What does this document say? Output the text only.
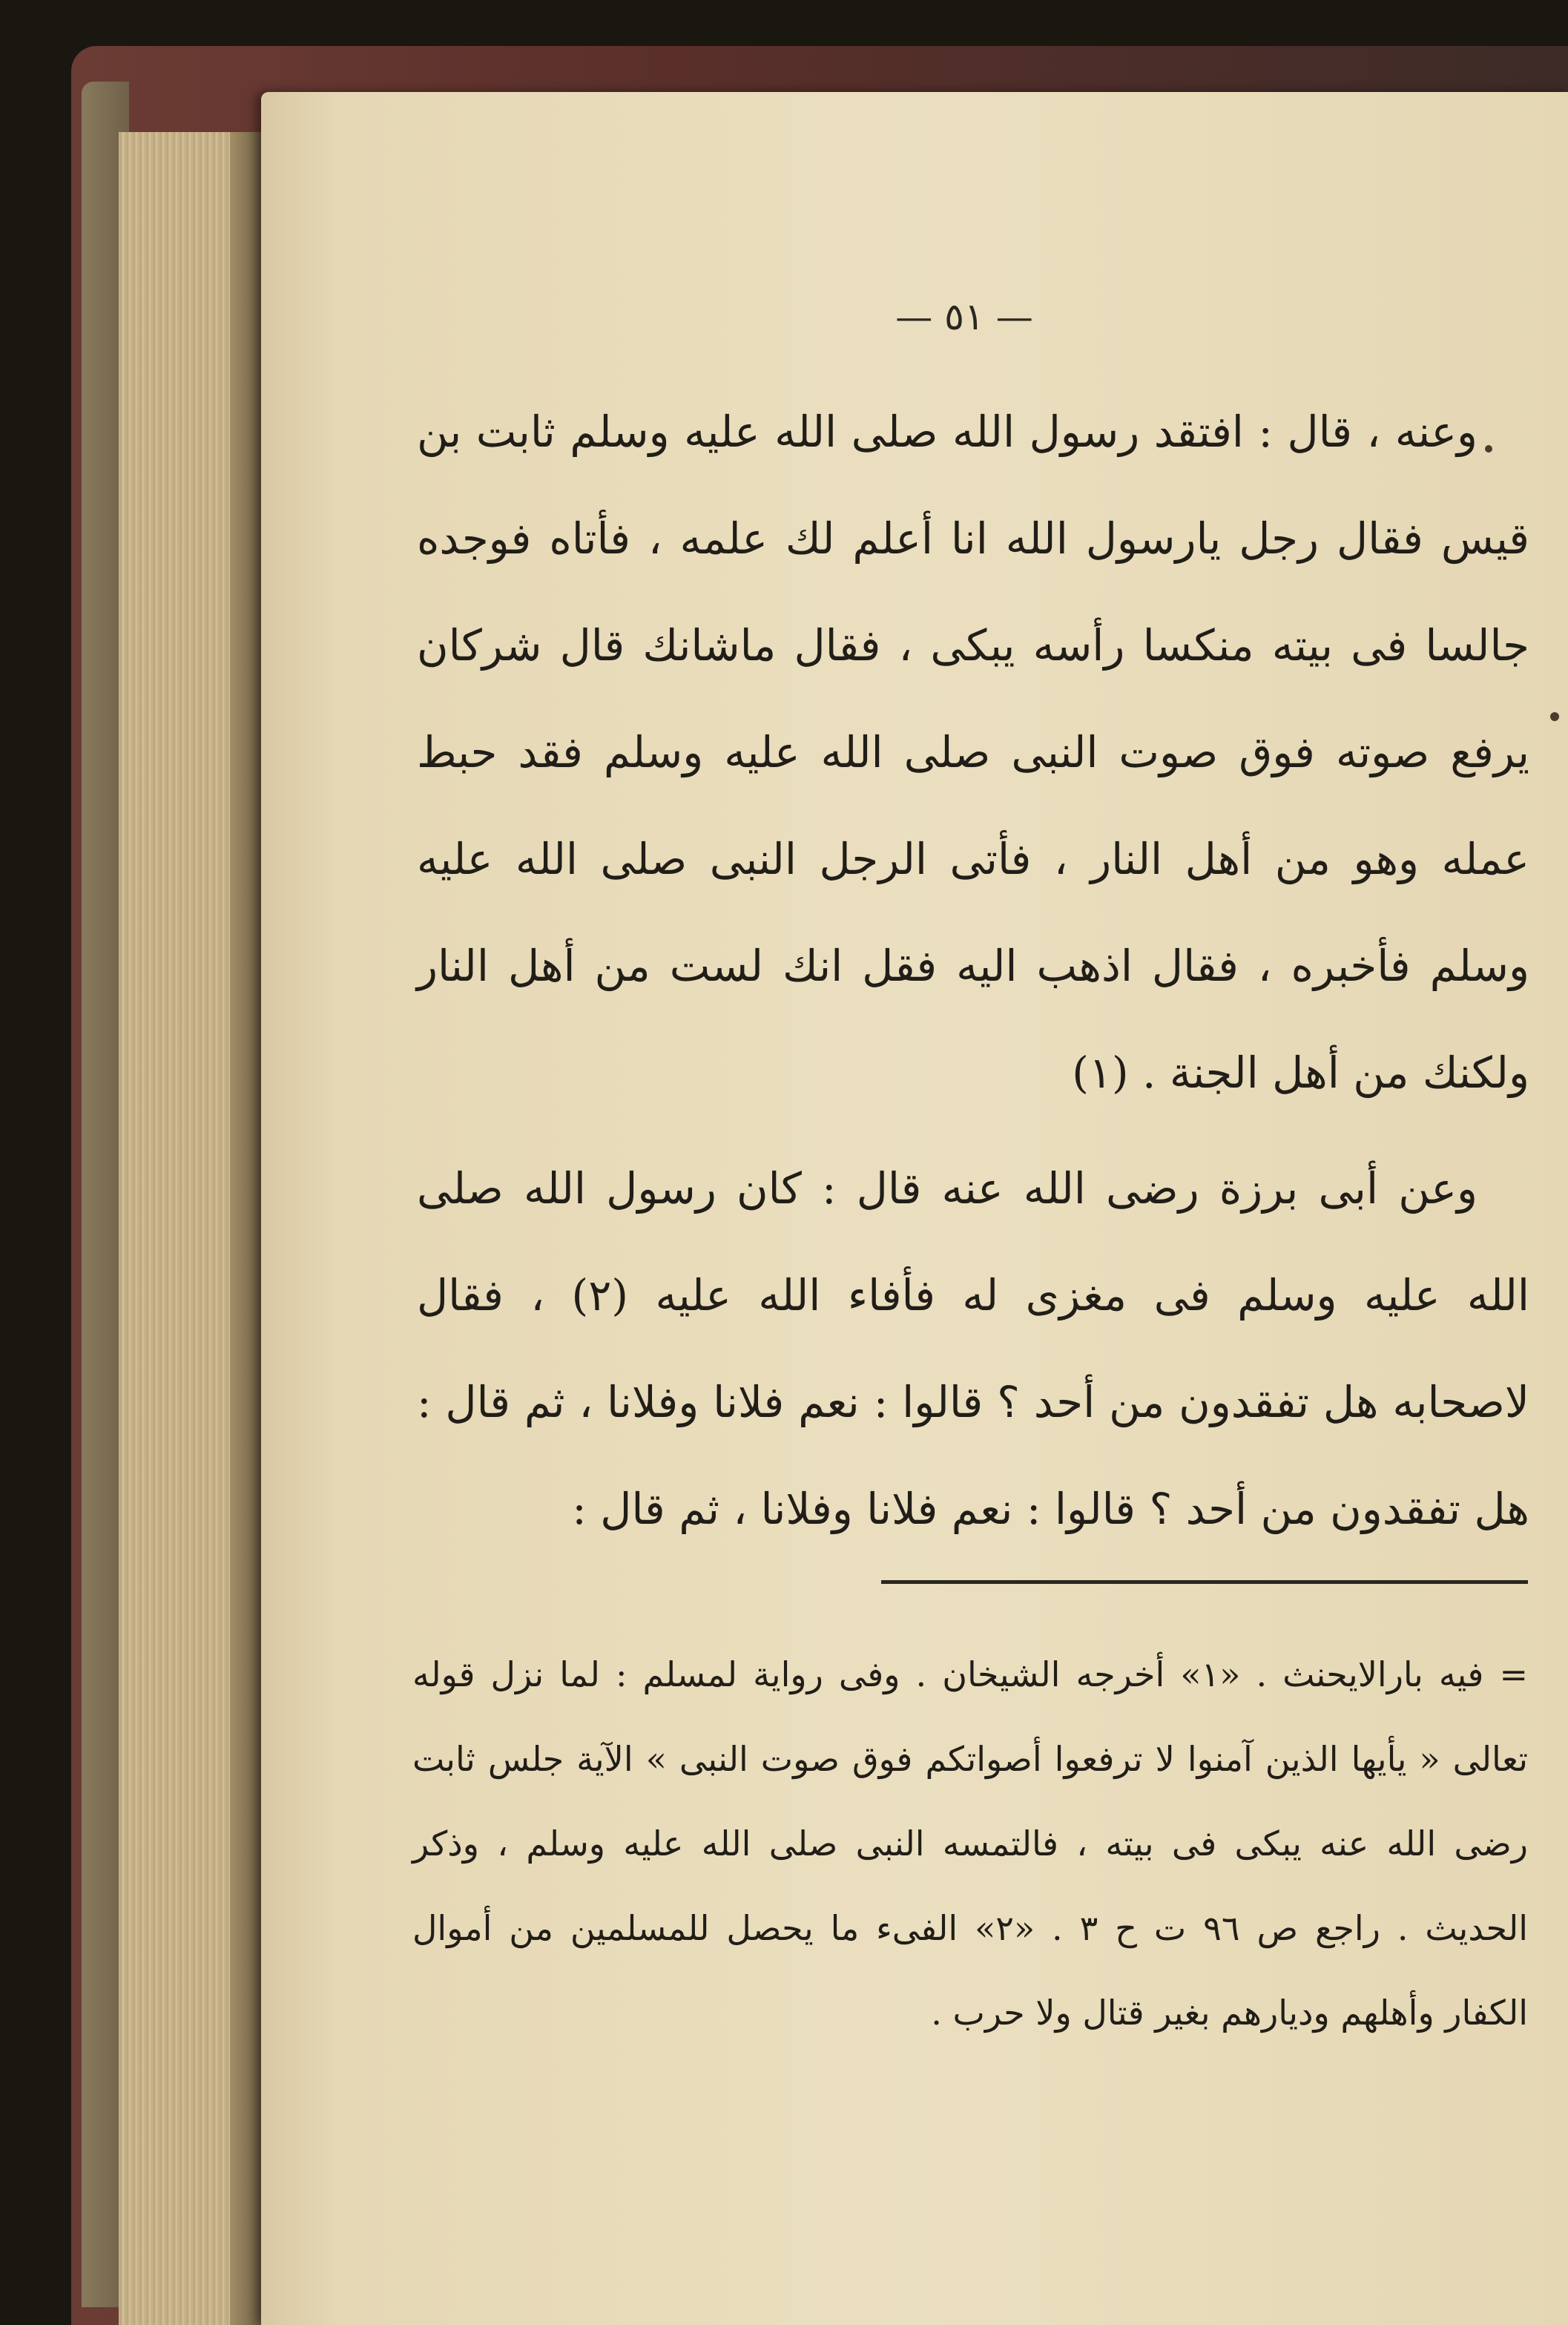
— ٥١ —

وعنه ، قال : افتقد رسول الله صلى الله عليه وسلم ثابت بن قيس فقال رجل يارسول الله انا أعلم لك علمه ، فأتاه فوجده جالسا فى بيته منكسا رأسه يبكى ، فقال ماشانك قال شركان يرفع صوته فوق صوت النبى صلى الله عليه وسلم فقد حبط عمله وهو من أهل النار ، فأتى الرجل النبى صلى الله عليه وسلم فأخبره ، فقال اذهب اليه فقل انك لست من أهل النار ولكنك من أهل الجنة . (١)

وعن أبى برزة رضى الله عنه قال : كان رسول الله صلى الله عليه وسلم فى مغزى له فأفاء الله عليه (٢) ، فقال لاصحابه هل تفقدون من أحد ؟ قالوا : نعم فلانا وفلانا ، ثم قال : هل تفقدون من أحد ؟ قالوا : نعم فلانا وفلانا ، ثم قال :

= فيه بارالايحنث . «١» أخرجه الشيخان . وفى رواية لمسلم : لما نزل قوله تعالى « يأيها الذين آمنوا لا ترفعوا أصواتكم فوق صوت النبى » الآية جلس ثابت رضى الله عنه يبكى فى بيته ، فالتمسه النبى صلى الله عليه وسلم ، وذكر الحديث . راجع ص ٩٦ ت ح ٣ . «٢» الفىء ما يحصل للمسلمين من أموال الكفار وأهلهم وديارهم بغير قتال ولا حرب .
